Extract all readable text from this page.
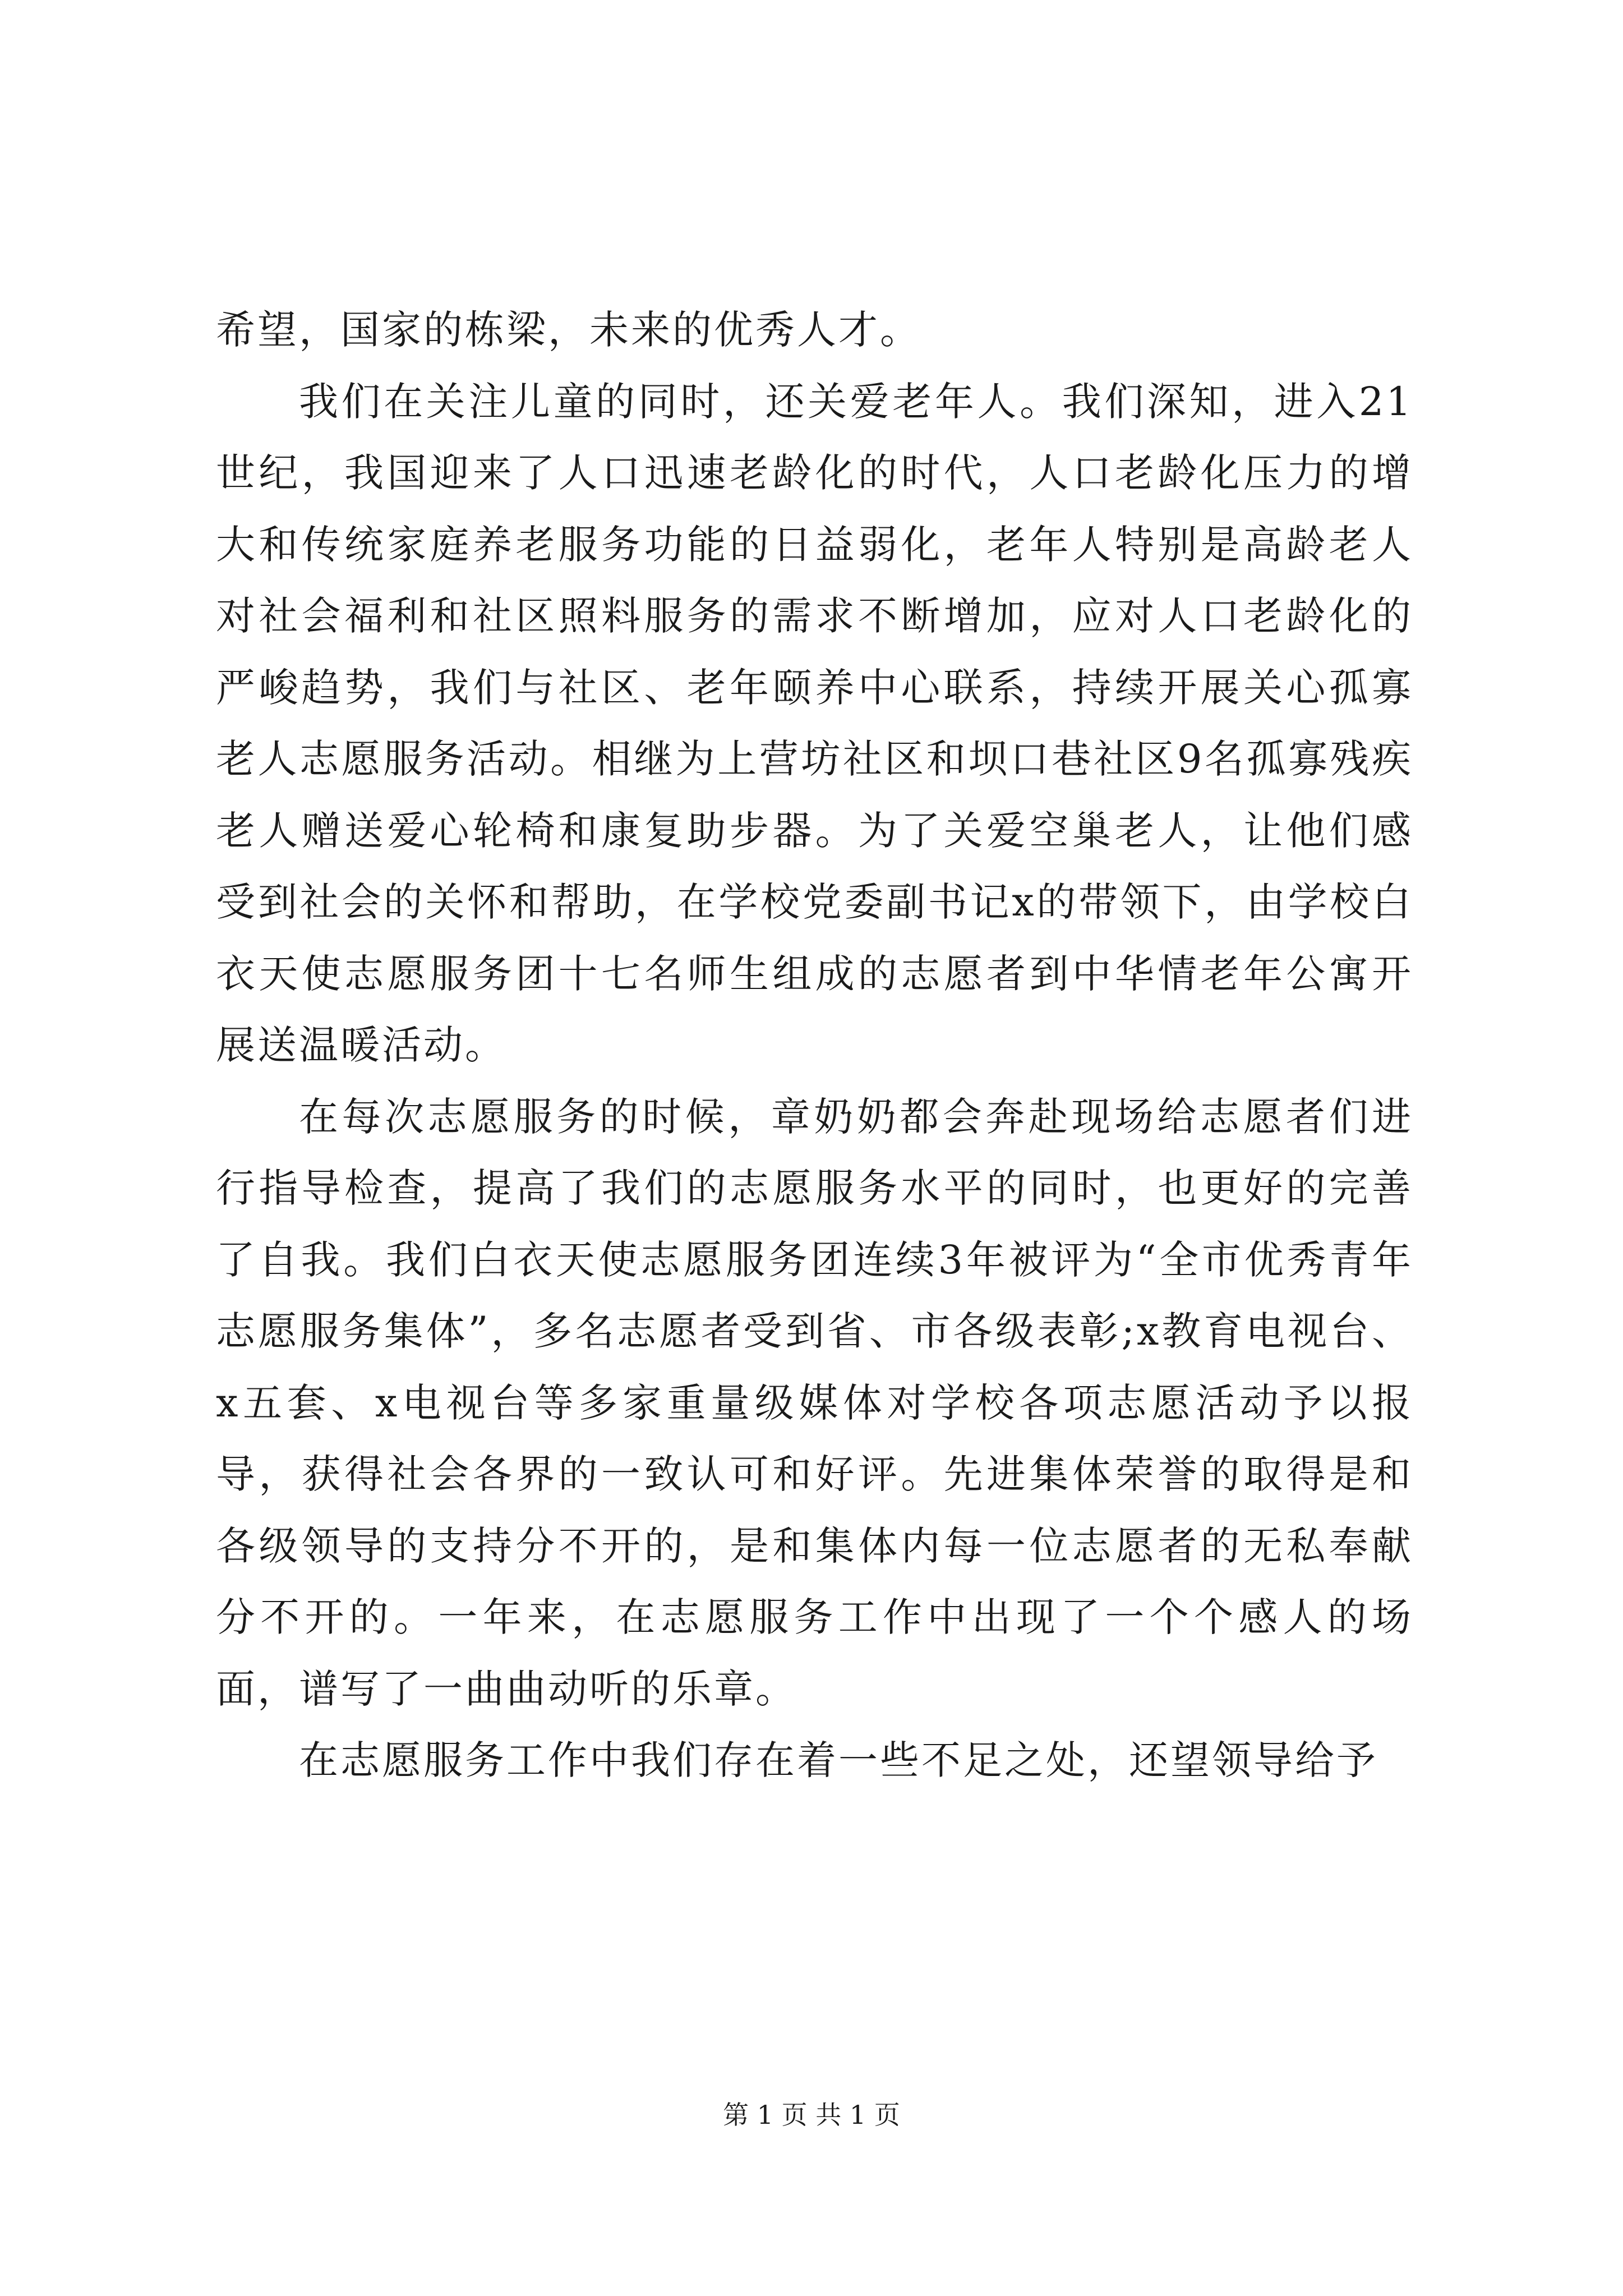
希望，国家的栋梁，未来的优秀人才。

我们在关注儿童的同时，还关爱老年人。我们深知，进入21世纪，我国迎来了人口迅速老龄化的时代，人口老龄化压力的增大和传统家庭养老服务功能的日益弱化，老年人特别是高龄老人对社会福利和社区照料服务的需求不断增加，应对人口老龄化的严峻趋势，我们与社区、老年颐养中心联系，持续开展关心孤寡老人志愿服务活动。相继为上营坊社区和坝口巷社区9名孤寡残疾老人赠送爱心轮椅和康复助步器。为了关爱空巢老人，让他们感受到社会的关怀和帮助，在学校党委副书记x的带领下，由学校白衣天使志愿服务团十七名师生组成的志愿者到中华情老年公寓开展送温暖活动。

在每次志愿服务的时候，章奶奶都会奔赴现场给志愿者们进行指导检查，提高了我们的志愿服务水平的同时，也更好的完善了自我。我们白衣天使志愿服务团连续3年被评为“全市优秀青年志愿服务集体”，多名志愿者受到省、市各级表彰;x教育电视台、x五套、x电视台等多家重量级媒体对学校各项志愿活动予以报导，获得社会各界的一致认可和好评。先进集体荣誉的取得是和各级领导的支持分不开的，是和集体内每一位志愿者的无私奉献分不开的。一年来，在志愿服务工作中出现了一个个感人的场面，谱写了一曲曲动听的乐章。

在志愿服务工作中我们存在着一些不足之处，还望领导给予

第 1 页 共 1 页
